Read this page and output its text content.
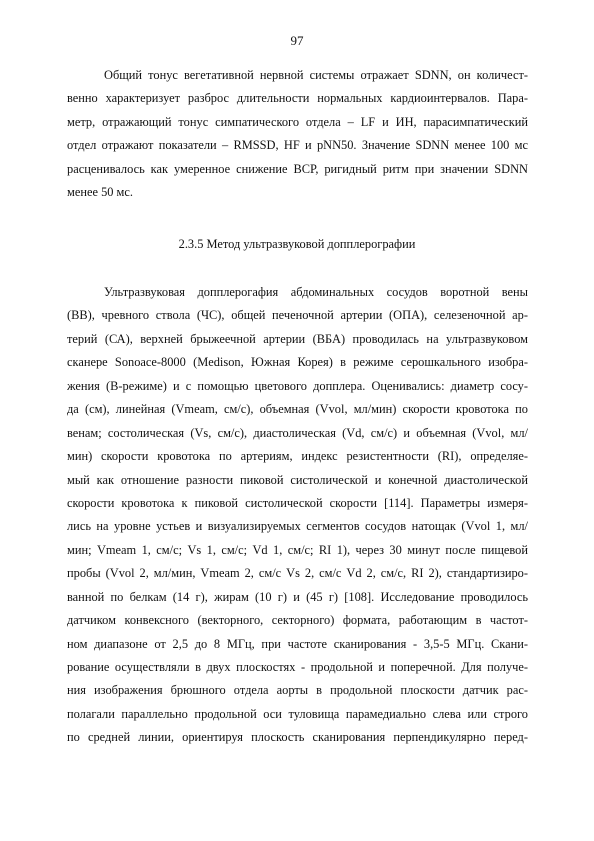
97
Общий тонус вегетативной нервной системы отражает SDNN, он количест-
венно характеризует разброс длительности нормальных кардиоинтервалов. Пара-
метр, отражающий тонус симпатического отдела – LF и ИН, парасимпатический
отдел отражают показатели – RMSSD, HF и pNN50. Значение SDNN менее 100 мс
расценивалось как умеренное снижение ВСР, ригидный ритм при значении SDNN
менее 50 мс.
2.3.5 Метод ультразвуковой допплерографии
Ультразвуковая допплерогафия абдоминальных сосудов воротной вены
(ВВ), чревного ствола (ЧС), общей печеночной артерии (ОПА), селезеночной ар-
терий (СА), верхней брыжеечной артерии (ВБА) проводилась на ультразвуковом
сканере Sonoace-8000 (Medison, Южная Корея) в режиме серошкального изобра-
жения (В-режиме) и с помощью цветового допплера. Оценивались: диаметр сосу-
да (см), линейная (Vmeam, см/с), объемная (Vvol, мл/мин) скорости кровотока по
венам; состолическая (Vs, см/с), диастолическая (Vd, см/с) и объемная (Vvol, мл/
мин) скорости кровотока по артериям, индекс резистентности (RI), определяе-
мый как отношение разности пиковой систолической и конечной диастолической
скорости кровотока к пиковой систолической скорости [114]. Параметры измеря-
лись на уровне устьев и визуализируемых сегментов сосудов натощак (Vvol 1, мл/
мин; Vmeam 1, см/с; Vs 1, см/с; Vd 1, см/с; RI 1), через 30 минут после пищевой
пробы (Vvol 2, мл/мин, Vmeam 2, см/с Vs 2, см/с Vd 2, см/с, RI 2), стандартизиро-
ванной по белкам (14 г), жирам (10 г) и (45 г) [108]. Исследование проводилось
датчиком конвексного (векторного, секторного) формата, работающим в частот-
ном диапазоне от 2,5 до 8 МГц, при частоте сканирования - 3,5-5 МГц. Скани-
рование осуществляли в двух плоскостях - продольной и поперечной. Для получе-
ния изображения брюшного отдела аорты в продольной плоскости датчик рас-
полагали параллельно продольной оси туловища парамедиально слева или строго
по средней линии, ориентируя плоскость сканирования перпендикулярно перед-
